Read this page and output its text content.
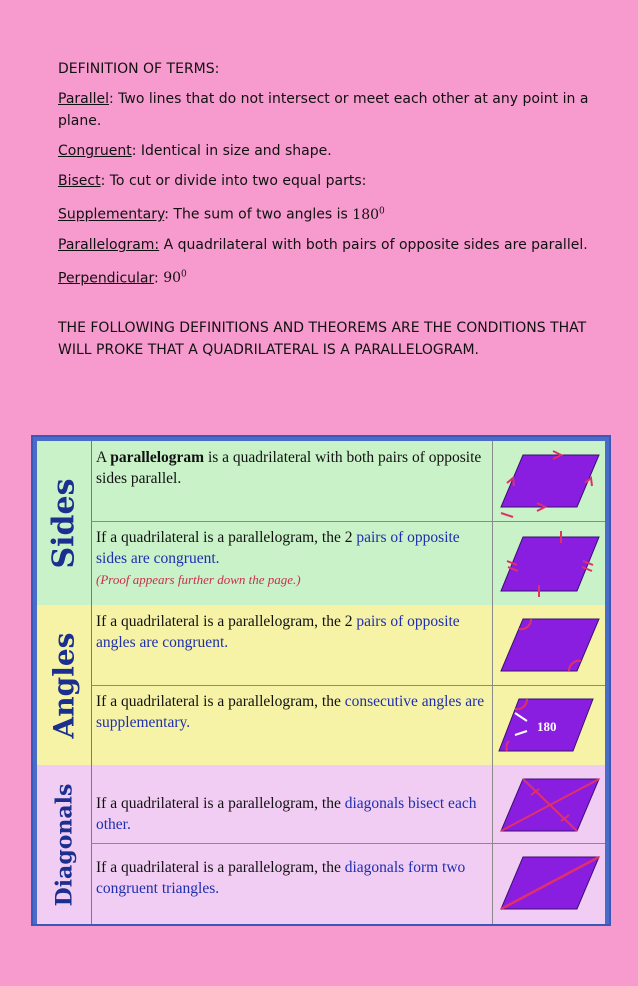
DEFINITION OF TERMS:

Parallel: Two lines that do not intersect or meet each other at any point in a plane.

Congruent: Identical in size and shape.

Bisect: To cut or divide into two equal parts:

Supplementary: The sum of two angles is $180^0$

Parallelogram: A quadrilateral with both pairs of opposite sides are parallel.

Perpendicular: $90^0$

THE FOLLOWING DEFINITIONS AND THEOREMS ARE THE CONDITIONS THAT WILL PROKE THAT A QUADRILATERAL IS A PARALLELOGRAM.

Sides
A parallelogram is a quadrilateral with both pairs of opposite sides parallel.
If a quadrilateral is a parallelogram, the 2 pairs of opposite sides are congruent.
(Proof appears further down the page.)
Angles
If a quadrilateral is a parallelogram, the 2 pairs of opposite angles are congruent.
If a quadrilateral is a parallelogram, the consecutive angles are supplementary.	180
Diagonals	If a quadrilateral is a parallelogram, the diagonals bisect each other.
If a quadrilateral is a parallelogram, the diagonals form two congruent triangles.
